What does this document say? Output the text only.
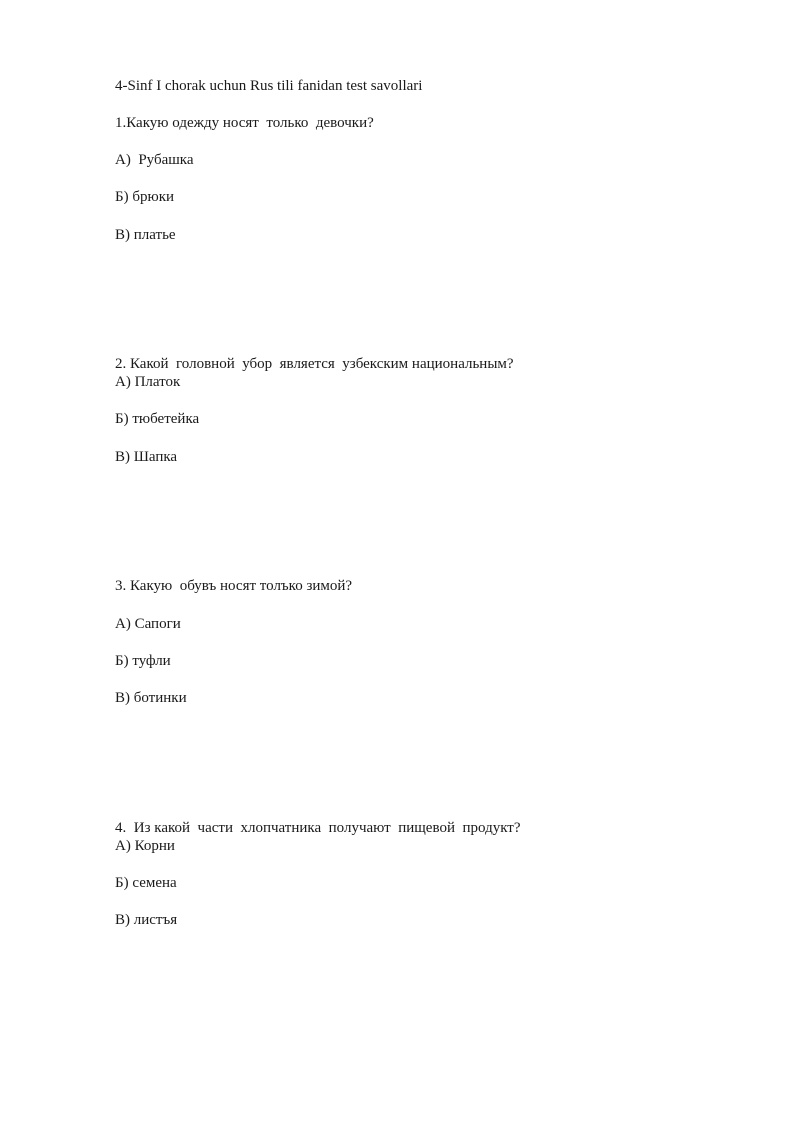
4-Sinf I chorak uchun Rus tili fanidan test savollari
1.Какую одежду носят  только  девочки?
А)  Рубашка
Б) брюки
В) платье
2. Какой  головной  убор  является  узбекским национальным?
А) Платок
Б) тюбетейка
В) Шапка
3. Какую  обувъ носят толъко зимой?
А) Сапоги
Б) туфли
В) ботинки
4.  Из какой  части  хлопчатника  получают  пищевой  продукт?
А) Корни
Б) семена
В) листъя
